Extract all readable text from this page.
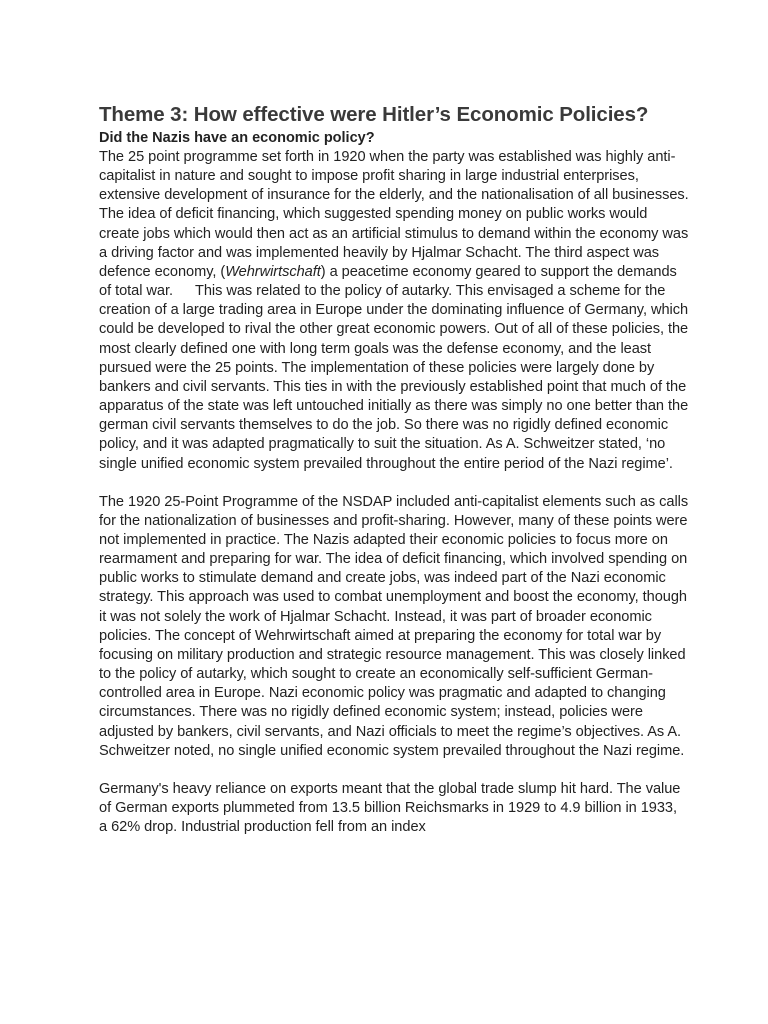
Theme 3: How effective were Hitler’s Economic Policies?
Did the Nazis have an economic policy?

The 25 point programme set forth in 1920 when the party was established was highly anti-capitalist in nature and sought to impose profit sharing in large industrial enterprises, extensive development of insurance for the elderly, and the nationalisation of all businesses. The idea of deficit financing, which suggested spending money on public works would create jobs which would then act as an artificial stimulus to demand within the economy was a driving factor and was implemented heavily by Hjalmar Schacht. The third aspect was defence economy, (Wehrwirtschaft) a peacetime economy geared to support the demands of total war. This was related to the policy of autarky. This envisaged a scheme for the creation of a large trading area in Europe under the dominating influence of Germany, which could be developed to rival the other great economic powers. Out of all of these policies, the most clearly defined one with long term goals was the defense economy, and the least pursued were the 25 points. The implementation of these policies were largely done by bankers and civil servants. This ties in with the previously established point that much of the apparatus of the state was left untouched initially as there was simply no one better than the german civil servants themselves to do the job. So there was no rigidly defined economic policy, and it was adapted pragmatically to suit the situation. As A. Schweitzer stated, ‘no single unified economic system prevailed throughout the entire period of the Nazi regime’.

The 1920 25-Point Programme of the NSDAP included anti-capitalist elements such as calls for the nationalization of businesses and profit-sharing. However, many of these points were not implemented in practice. The Nazis adapted their economic policies to focus more on rearmament and preparing for war. The idea of deficit financing, which involved spending on public works to stimulate demand and create jobs, was indeed part of the Nazi economic strategy. This approach was used to combat unemployment and boost the economy, though it was not solely the work of Hjalmar Schacht. Instead, it was part of broader economic policies. The concept of Wehrwirtschaft aimed at preparing the economy for total war by focusing on military production and strategic resource management. This was closely linked to the policy of autarky, which sought to create an economically self-sufficient German-controlled area in Europe. Nazi economic policy was pragmatic and adapted to changing circumstances. There was no rigidly defined economic system; instead, policies were adjusted by bankers, civil servants, and Nazi officials to meet the regime’s objectives. As A. Schweitzer noted, no single unified economic system prevailed throughout the Nazi regime.

Germany's heavy reliance on exports meant that the global trade slump hit hard. The value of German exports plummeted from 13.5 billion Reichsmarks in 1929 to 4.9 billion in 1933, a 62% drop. Industrial production fell from an index
